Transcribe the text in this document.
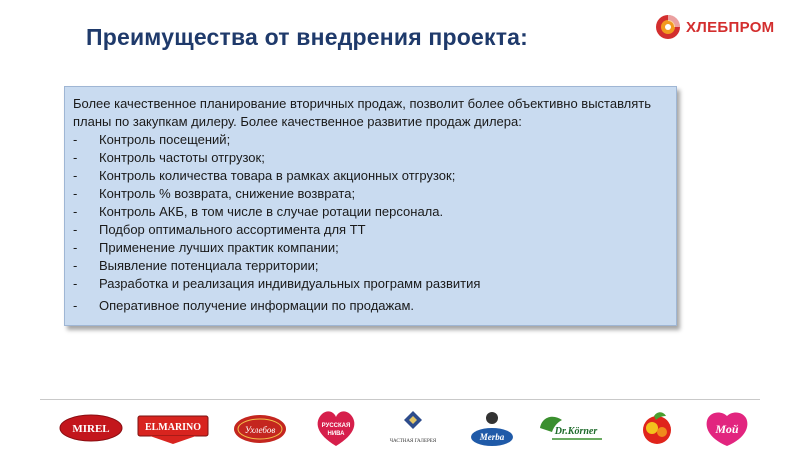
Преимущества от внедрения проекта:	ХЛЕБПРОМ
Более качественное планирование вторичных продаж, позволит более объективно выставлять планы по закупкам дилеру. Более качественное развитие продаж дилера:
- Контроль посещений;
- Контроль частоты отгрузок;
- Контроль количества товара в рамках акционных отгрузок;
- Контроль % возврата, снижение возврата;
- Контроль АКБ, в том числе в случае ротации персонала.
- Подбор оптимального ассортимента для ТТ
- Применение лучших практик компании;
- Выявление потенциала территории;
- Разработка и реализация индивидуальных программ развития
- Оперативное получение информации по продажам.
MIREL	ELMARINO	Ухлебов	РУССКАЯ
НИВА
ЧАСТНАЯ ГАЛЕРЕЯ	Merba	Dr.Körner	Мой
